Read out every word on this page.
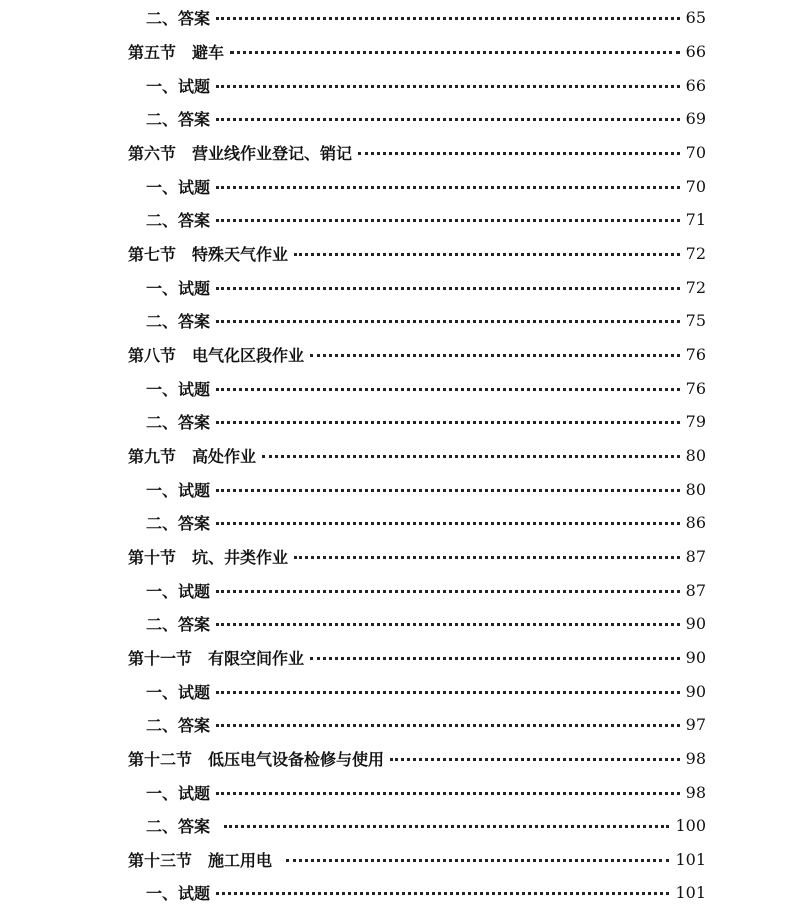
二、答案	65
第五节　避车	66
一、试题	66
二、答案	69
第六节　营业线作业登记、销记	70
一、试题	70
二、答案	71
第七节　特殊天气作业	72
一、试题	72
二、答案	75
第八节　电气化区段作业	76
一、试题	76
二、答案	79
第九节　高处作业	80
一、试题	80
二、答案	86
第十节　坑、井类作业	87
一、试题	87
二、答案	90
第十一节　有限空间作业	90
一、试题	90
二、答案	97
第十二节　低压电气设备检修与使用	98
一、试题	98
二、答案	100
第十三节　施工用电	101
一、试题	101
